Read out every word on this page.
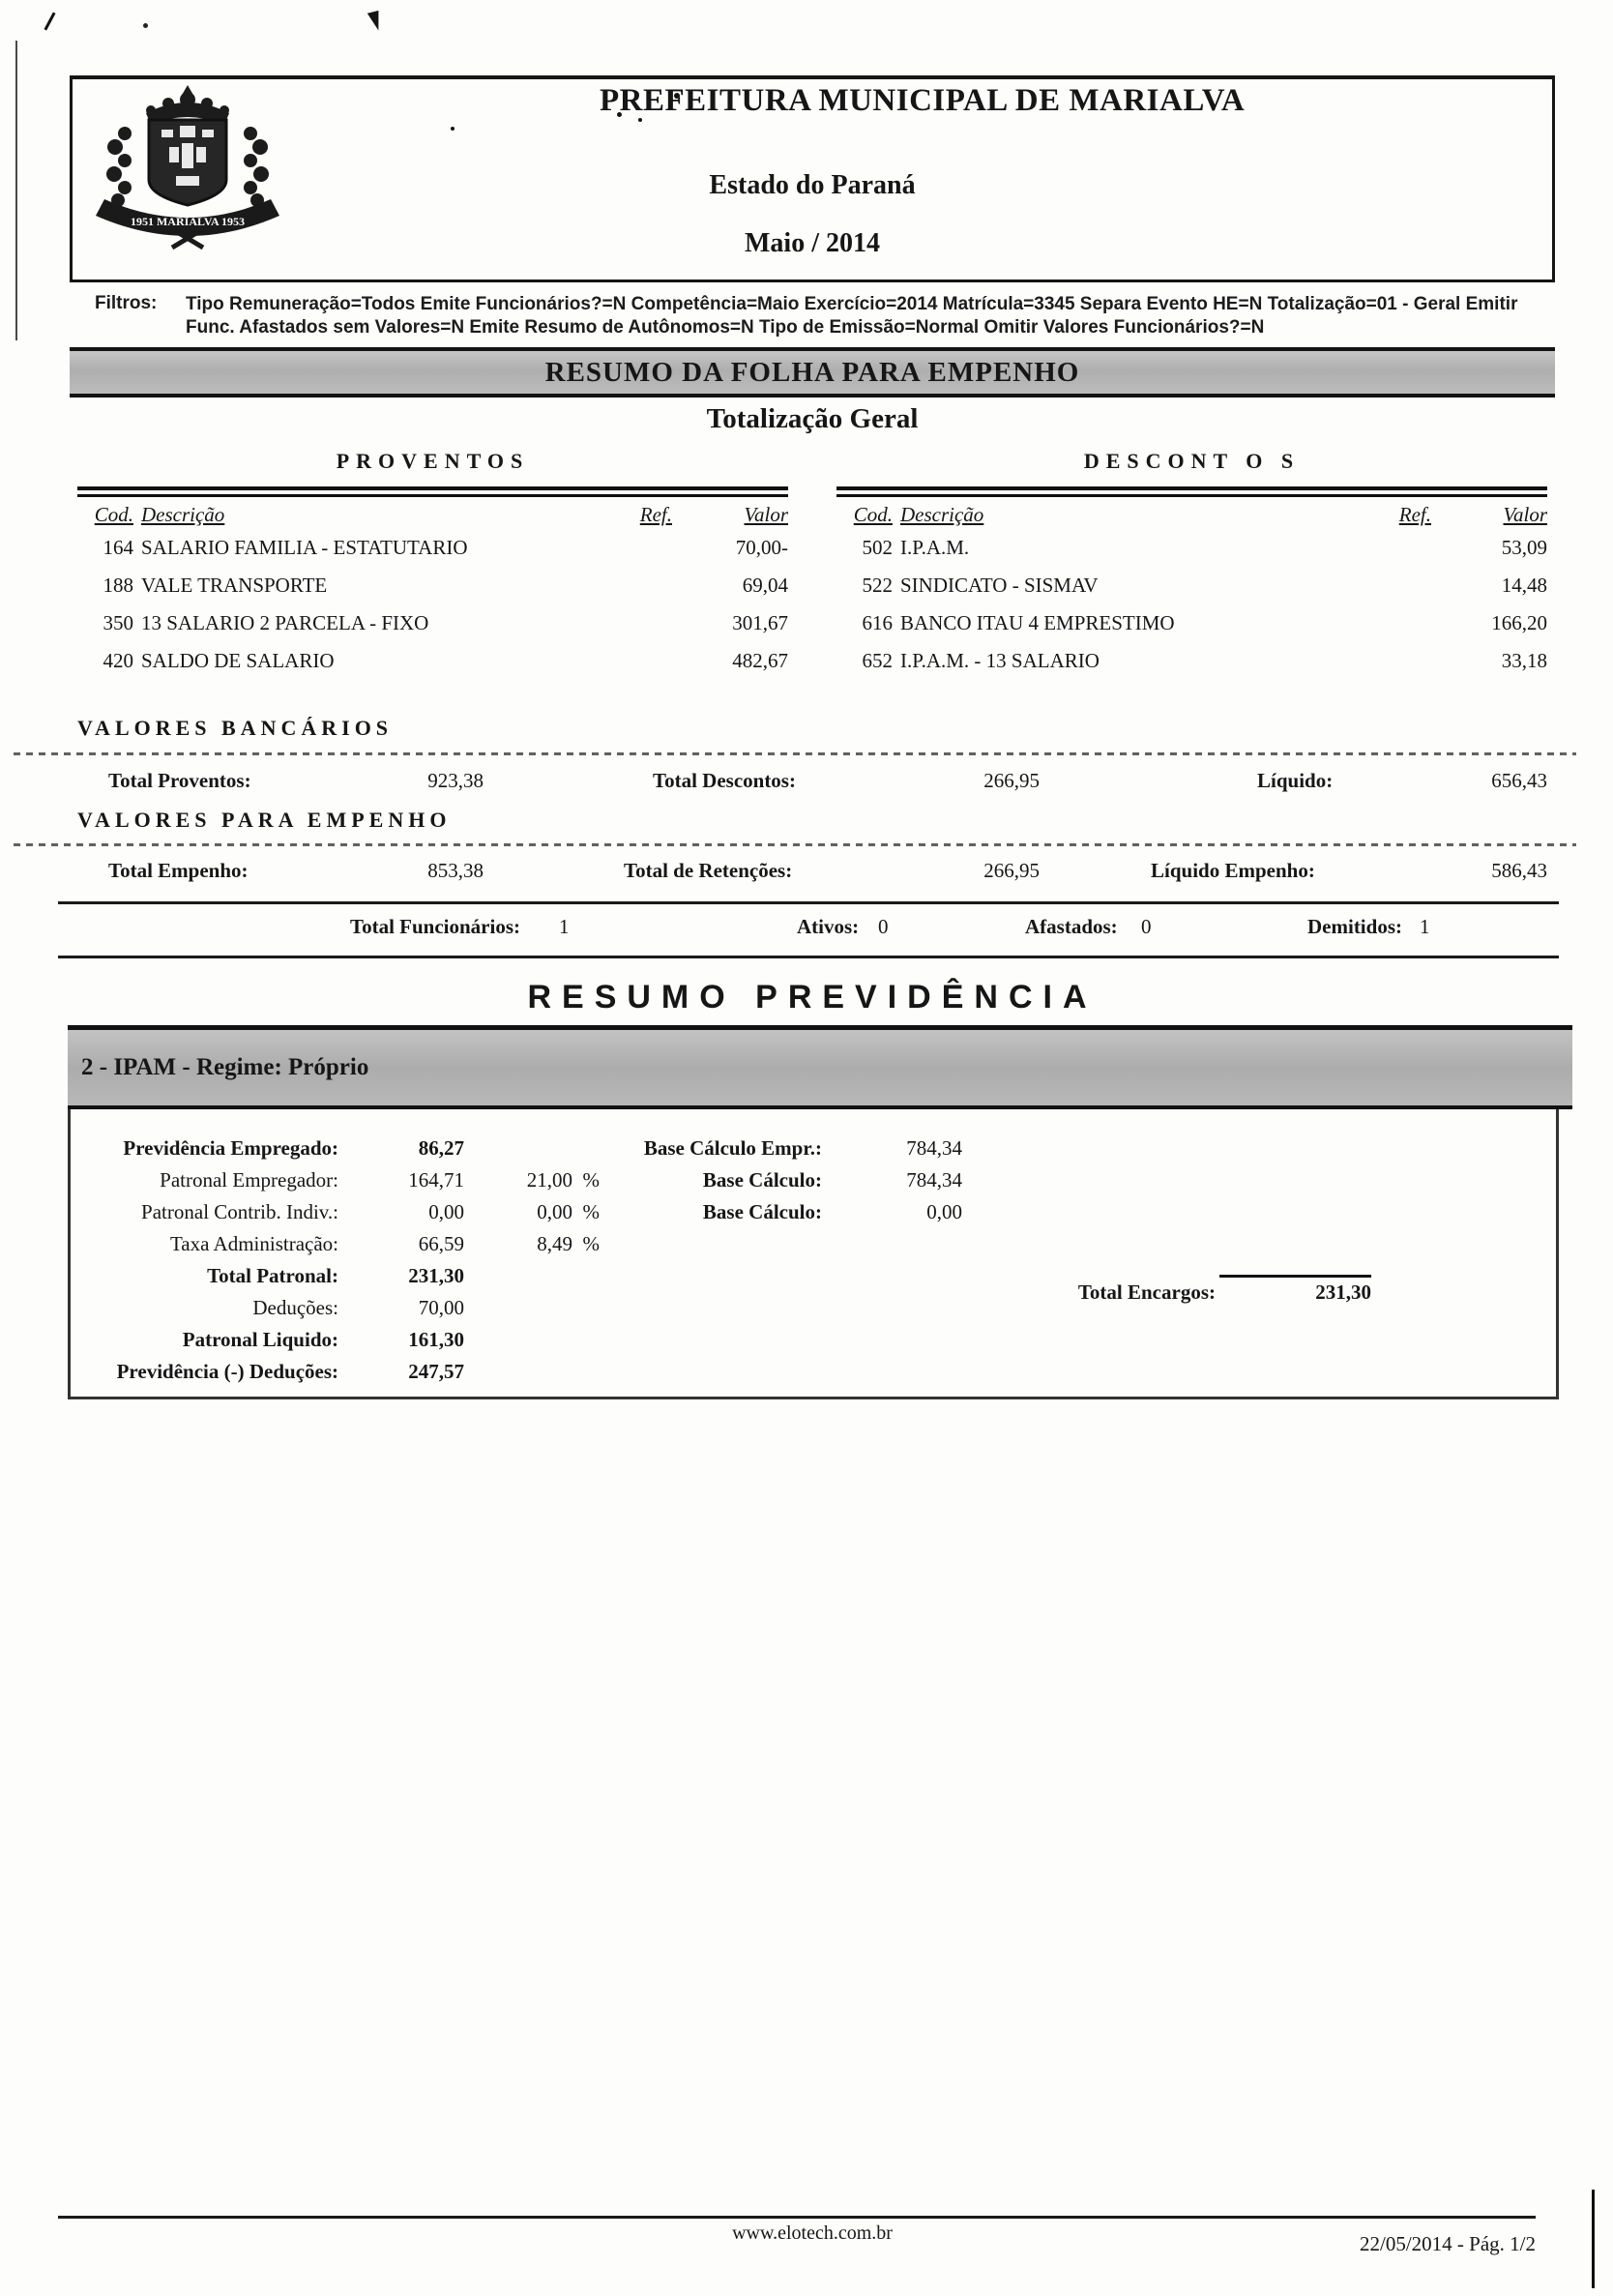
1951 MARIALVA 1953
PREFEITURA MUNICIPAL DE MARIALVA
Estado do Paraná
Maio / 2014
Filtros: Tipo Remuneração=Todos Emite Funcionários?=N Competência=Maio Exercício=2014 Matrícula=3345 Separa Evento HE=N Totalização=01 - Geral Emitir
Func. Afastados sem Valores=N Emite Resumo de Autônomos=N Tipo de Emissão=Normal Omitir Valores Funcionários?=N
RESUMO DA FOLHA PARA EMPENHO
Totalização Geral
PROVENTOS
Cod. Descrição	Ref.	Valor
164 SALARIO FAMILIA - ESTATUTARIO	70,00-
188 VALE TRANSPORTE	69,04
350 13 SALARIO 2 PARCELA - FIXO	301,67
420 SALDO DE SALARIO	482,67
DESCONT O S
Cod. Descrição	Ref.	Valor
502 I.P.A.M.	53,09
522 SINDICATO - SISMAV	14,48
616 BANCO ITAU 4 EMPRESTIMO	166,20
652 I.P.A.M. - 13 SALARIO	33,18
VALORES BANCÁRIOS
Total Proventos:	923,38	Total Descontos:	266,95	Líquido:	656,43
VALORES PARA EMPENHO
Total Empenho:	853,38	Total de Retenções:	266,95	Líquido Empenho:	586,43
Total Funcionários: 1	Ativos: 0	Afastados: 0	Demitidos: 1
RESUMO PREVIDÊNCIA
2 - IPAM - Regime: Próprio
Previdência Empregado:	86,27	Base Cálculo Empr.:	784,34
Patronal Empregador:	164,71	21,00  %	Base Cálculo:	784,34
Patronal Contrib. Indiv.:	0,00	0,00  %	Base Cálculo:	0,00
Taxa Administração:	66,59	8,49  %
Total Patronal:	231,30
Deduções:	70,00
Patronal Liquido:	161,30
Previdência (-) Deduções:	247,57
Total Encargos:	231,30
www.elotech.com.br	22/05/2014 - Pág. 1/2
